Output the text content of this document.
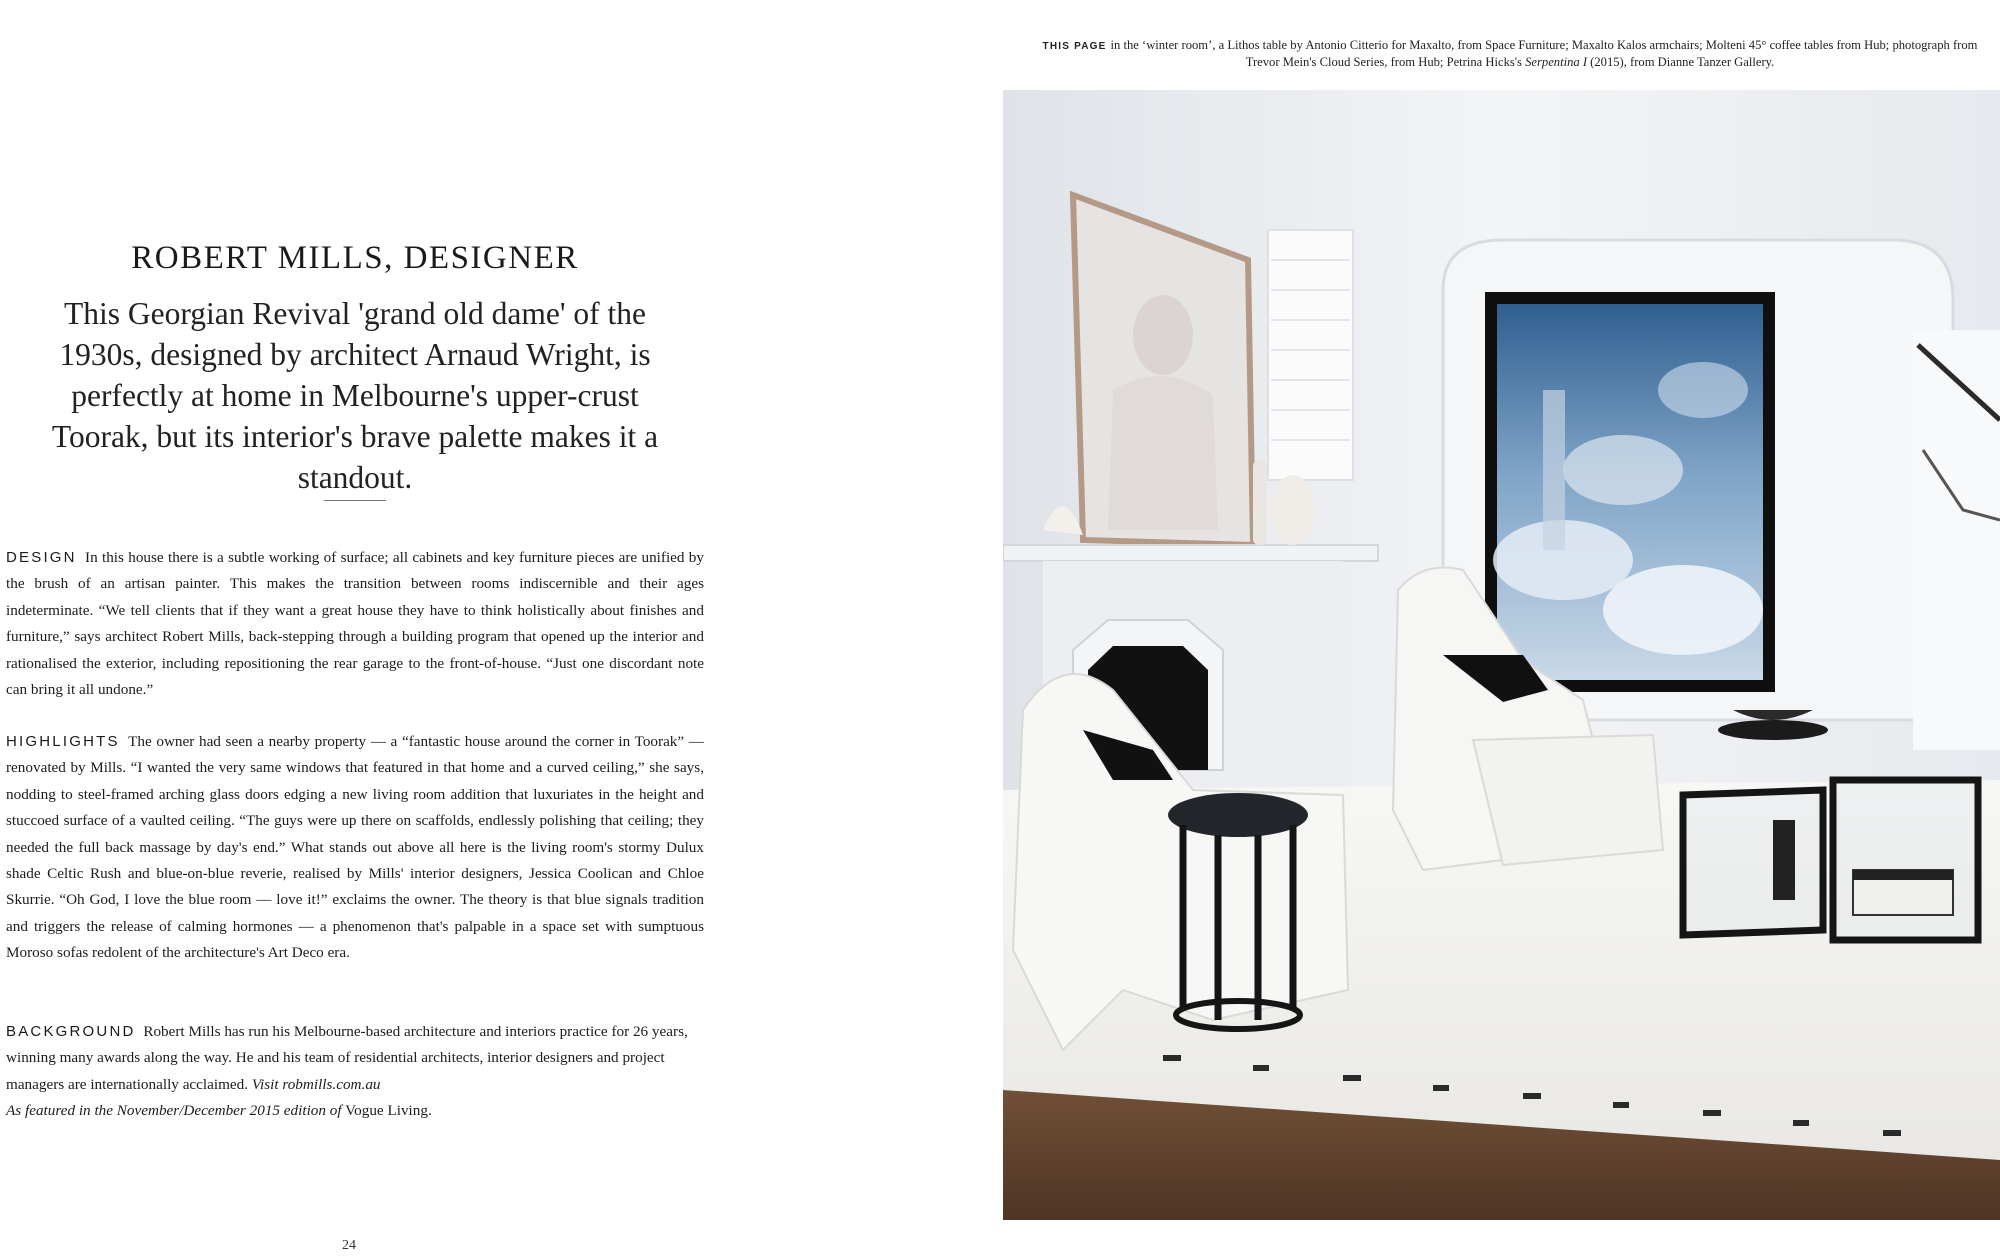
ROBERT MILLS, DESIGNER

This Georgian Revival 'grand old dame' of the 1930s, designed by architect Arnaud Wright, is perfectly at home in Melbourne's upper-crust Toorak, but its interior's brave palette makes it a standout.

DESIGN In this house there is a subtle working of surface; all cabinets and key furniture pieces are unified by the brush of an artisan painter. This makes the transition between rooms indiscernible and their ages indeterminate. “We tell clients that if they want a great house they have to think holistically about finishes and furniture,” says architect Robert Mills, back-stepping through a building program that opened up the interior and rationalised the exterior, including repositioning the rear garage to the front-of-house. “Just one discordant note can bring it all undone.”

HIGHLIGHTS The owner had seen a nearby property — a “fantastic house around the corner in Toorak” — renovated by Mills. “I wanted the very same windows that featured in that home and a curved ceiling,” she says, nodding to steel-framed arching glass doors edging a new living room addition that luxuriates in the height and stuccoed surface of a vaulted ceiling. “The guys were up there on scaffolds, endlessly polishing that ceiling; they needed the full back massage by day's end.” What stands out above all here is the living room's stormy Dulux shade Celtic Rush and blue-on-blue reverie, realised by Mills' interior designers, Jessica Coolican and Chloe Skurrie. “Oh God, I love the blue room — love it!” exclaims the owner. The theory is that blue signals tradition and triggers the release of calming hormones — a phenomenon that's palpable in a space set with sumptuous Moroso sofas redolent of the architecture's Art Deco era.

BACKGROUND Robert Mills has run his Melbourne-based architecture and interiors practice for 26 years, winning many awards along the way. He and his team of residential architects, interior designers and project managers are internationally acclaimed. Visit robmills.com.au
As featured in the November/December 2015 edition of Vogue Living.

24
THIS PAGE in the ‘winter room’, a Lithos table by Antonio Citterio for Maxalto, from Space Furniture; Maxalto Kalos armchairs; Molteni 45° coffee tables from Hub; photograph from Trevor Mein's Cloud Series, from Hub; Petrina Hicks's Serpentina I (2015), from Dianne Tanzer Gallery.
